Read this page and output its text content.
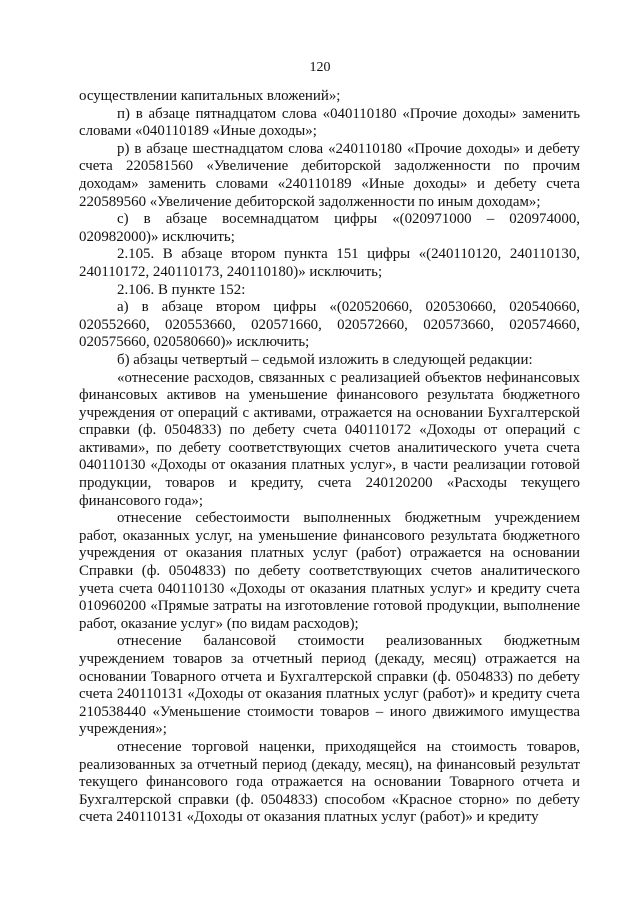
120

осуществлении капитальных вложений»;

п) в абзаце пятнадцатом слова «040110180 «Прочие доходы» заменить словами «040110189 «Иные доходы»;

р) в абзаце шестнадцатом слова «240110180 «Прочие доходы» и дебету счета 220581560 «Увеличение дебиторской задолженности по прочим доходам» заменить словами «240110189 «Иные доходы» и дебету счета 220589560 «Увеличение дебиторской задолженности по иным доходам»;

с) в абзаце восемнадцатом цифры «(020971000 – 020974000, 020982000)» исключить;

2.105. В абзаце втором пункта 151 цифры «(240110120, 240110130, 240110172, 240110173, 240110180)» исключить;

2.106. В пункте 152:

а) в абзаце втором цифры «(020520660, 020530660, 020540660, 020552660, 020553660, 020571660, 020572660, 020573660, 020574660, 020575660, 020580660)» исключить;

б) абзацы четвертый – седьмой изложить в следующей редакции:

«отнесение расходов, связанных с реализацией объектов нефинансовых финансовых активов на уменьшение финансового результата бюджетного учреждения от операций с активами, отражается на основании Бухгалтерской справки (ф. 0504833) по дебету счета 040110172 «Доходы от операций с активами», по дебету соответствующих счетов аналитического учета счета 040110130 «Доходы от оказания платных услуг», в части реализации готовой продукции, товаров и кредиту, счета 240120200 «Расходы текущего финансового года»;

отнесение себестоимости выполненных бюджетным учреждением работ, оказанных услуг, на уменьшение финансового результата бюджетного учреждения от оказания платных услуг (работ) отражается на основании Справки (ф. 0504833) по дебету соответствующих счетов аналитического учета счета 040110130 «Доходы от оказания платных услуг» и кредиту счета 010960200 «Прямые затраты на изготовление готовой продукции, выполнение работ, оказание услуг» (по видам расходов);

отнесение балансовой стоимости реализованных бюджетным учреждением товаров за отчетный период (декаду, месяц) отражается на основании Товарного отчета и Бухгалтерской справки (ф. 0504833) по дебету счета 240110131 «Доходы от оказания платных услуг (работ)» и кредиту счета 210538440 «Уменьшение стоимости товаров – иного движимого имущества учреждения»;

отнесение торговой наценки, приходящейся на стоимость товаров, реализованных за отчетный период (декаду, месяц), на финансовый результат текущего финансового года отражается на основании Товарного отчета и Бухгалтерской справки (ф. 0504833) способом «Красное сторно» по дебету счета 240110131 «Доходы от оказания платных услуг (работ)» и кредиту
